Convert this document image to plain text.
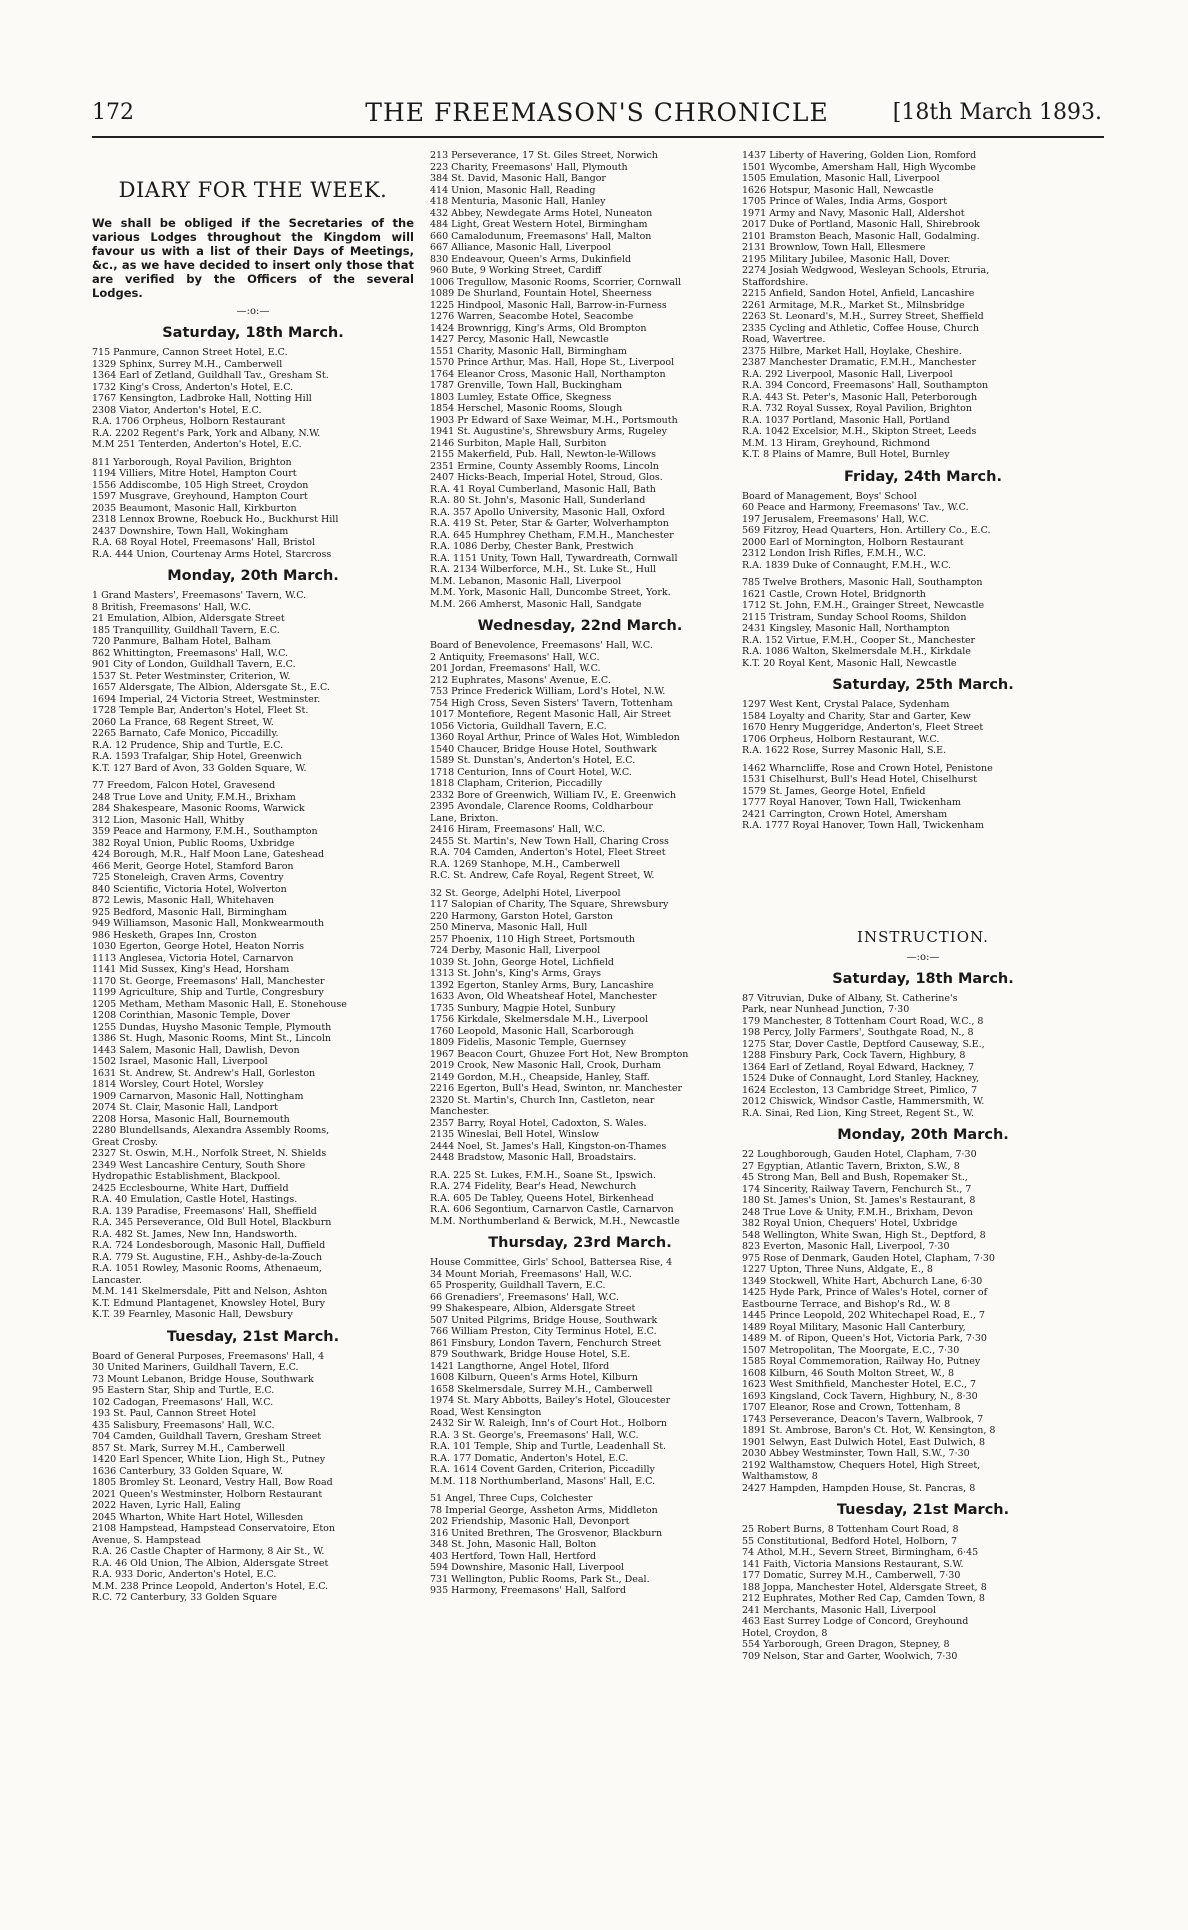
172	THE FREEMASON'S CHRONICLE	[18th March 1893.
DIARY FOR THE WEEK.
We shall be obliged if the Secretaries of the various Lodges throughout the Kingdom will favour us with a list of their Days of Meetings, &c., as we have decided to insert only those that are verified by the Officers of the several Lodges.
—:o:—
Saturday, 18th March.
715 Panmure, Cannon Street Hotel, E.C.
1329 Sphinx, Surrey M.H., Camberwell
1364 Earl of Zetland, Guildhall Tav., Gresham St.
1732 King's Cross, Anderton's Hotel, E.C.
1767 Kensington, Ladbroke Hall, Notting Hill
2308 Viator, Anderton's Hotel, E.C.
R.A. 1706 Orpheus, Holborn Restaurant
R.A. 2202 Regent's Park, York and Albany, N.W.
M.M 251 Tenterden, Anderton's Hotel, E.C.
811 Yarborough, Royal Pavilion, Brighton
1194 Villiers, Mitre Hotel, Hampton Court
1556 Addiscombe, 105 High Street, Croydon
1597 Musgrave, Greyhound, Hampton Court
2035 Beaumont, Masonic Hall, Kirkburton
2318 Lennox Browne, Roebuck Ho., Buckhurst Hill
2437 Downshire, Town Hall, Wokingham
R.A. 68 Royal Hotel, Freemasons' Hall, Bristol
R.A. 444 Union, Courtenay Arms Hotel, Starcross
Monday, 20th March.
1 Grand Masters', Freemasons' Tavern, W.C.
8 British, Freemasons' Hall, W.C.
21 Emulation, Albion, Aldersgate Street
185 Tranquillity, Guildhall Tavern, E.C.
720 Panmure, Balham Hotel, Balham
862 Whittington, Freemasons' Hall, W.C.
901 City of London, Guildhall Tavern, E.C.
1537 St. Peter Westminster, Criterion, W.
1657 Aldersgate, The Albion, Aldersgate St., E.C.
1694 Imperial, 24 Victoria Street, Westminster.
1728 Temple Bar, Anderton's Hotel, Fleet St.
2060 La France, 68 Regent Street, W.
2265 Barnato, Cafe Monico, Piccadilly.
R.A. 12 Prudence, Ship and Turtle, E.C.
R.A. 1593 Trafalgar, Ship Hotel, Greenwich
K.T. 127 Bard of Avon, 33 Golden Square, W.
77 Freedom, Falcon Hotel, Gravesend
248 True Love and Unity, F.M.H., Brixham
284 Shakespeare, Masonic Rooms, Warwick
312 Lion, Masonic Hall, Whitby
359 Peace and Harmony, F.M.H., Southampton
382 Royal Union, Public Rooms, Uxbridge
424 Borough, M.R., Half Moon Lane, Gateshead
466 Merit, George Hotel, Stamford Baron
725 Stoneleigh, Craven Arms, Coventry
840 Scientific, Victoria Hotel, Wolverton
872 Lewis, Masonic Hall, Whitehaven
925 Bedford, Masonic Hall, Birmingham
949 Williamson, Masonic Hall, Monkwearmouth
986 Hesketh, Grapes Inn, Croston
1030 Egerton, George Hotel, Heaton Norris
1113 Anglesea, Victoria Hotel, Carnarvon
1141 Mid Sussex, King's Head, Horsham
1170 St. George, Freemasons' Hall, Manchester
1199 Agriculture, Ship and Turtle, Congresbury
1205 Metham, Metham Masonic Hall, E. Stonehouse
1208 Corinthian, Masonic Temple, Dover
1255 Dundas, Huysho Masonic Temple, Plymouth
1386 St. Hugh, Masonic Rooms, Mint St., Lincoln
1443 Salem, Masonic Hall, Dawlish, Devon
1502 Israel, Masonic Hall, Liverpool
1631 St. Andrew, St. Andrew's Hall, Gorleston
1814 Worsley, Court Hotel, Worsley
1909 Carnarvon, Masonic Hall, Nottingham
2074 St. Clair, Masonic Hall, Landport
2208 Horsa, Masonic Hall, Bournemouth
2280 Blundellsands, Alexandra Assembly Rooms,
Great Crosby.
2327 St. Oswin, M.H., Norfolk Street, N. Shields
2349 West Lancashire Century, South Shore
Hydropathic Establishment, Blackpool.
2425 Ecclesbourne, White Hart, Duffield
R.A. 40 Emulation, Castle Hotel, Hastings.
R.A. 139 Paradise, Freemasons' Hall, Sheffield
R.A. 345 Perseverance, Old Bull Hotel, Blackburn
R.A. 482 St. James, New Inn, Handsworth.
R.A. 724 Londesborough, Masonic Hall, Duffield
R.A. 779 St. Augustine, F.H., Ashby-de-la-Zouch
R.A. 1051 Rowley, Masonic Rooms, Athenaeum,
Lancaster.
M.M. 141 Skelmersdale, Pitt and Nelson, Ashton
K.T. Edmund Plantagenet, Knowsley Hotel, Bury
K.T. 39 Fearnley, Masonic Hall, Dewsbury
Tuesday, 21st March.
Board of General Purposes, Freemasons' Hall, 4
30 United Mariners, Guildhall Tavern, E.C.
73 Mount Lebanon, Bridge House, Southwark
95 Eastern Star, Ship and Turtle, E.C.
102 Cadogan, Freemasons' Hall, W.C.
193 St. Paul, Cannon Street Hotel
435 Salisbury, Freemasons' Hall, W.C.
704 Camden, Guildhall Tavern, Gresham Street
857 St. Mark, Surrey M.H., Camberwell
1420 Earl Spencer, White Lion, High St., Putney
1636 Canterbury, 33 Golden Square, W.
1805 Bromley St. Leonard, Vestry Hall, Bow Road
2021 Queen's Westminster, Holborn Restaurant
2022 Haven, Lyric Hall, Ealing
2045 Wharton, White Hart Hotel, Willesden
2108 Hampstead, Hampstead Conservatoire, Eton
Avenue, S. Hampstead
R.A. 26 Castle Chapter of Harmony, 8 Air St., W.
R.A. 46 Old Union, The Albion, Aldersgate Street
R.A. 933 Doric, Anderton's Hotel, E.C.
M.M. 238 Prince Leopold, Anderton's Hotel, E.C.
R.C. 72 Canterbury, 33 Golden Square
213 Perseverance, 17 St. Giles Street, Norwich
223 Charity, Freemasons' Hall, Plymouth
384 St. David, Masonic Hall, Bangor
414 Union, Masonic Hall, Reading
418 Menturia, Masonic Hall, Hanley
432 Abbey, Newdegate Arms Hotel, Nuneaton
484 Light, Great Western Hotel, Birmingham
660 Camalodunum, Freemasons' Hall, Malton
667 Alliance, Masonic Hall, Liverpool
830 Endeavour, Queen's Arms, Dukinfield
960 Bute, 9 Working Street, Cardiff
1006 Tregullow, Masonic Rooms, Scorrier, Cornwall
1089 De Shurland, Fountain Hotel, Sheerness
1225 Hindpool, Masonic Hall, Barrow-in-Furness
1276 Warren, Seacombe Hotel, Seacombe
1424 Brownrigg, King's Arms, Old Brompton
1427 Percy, Masonic Hall, Newcastle
1551 Charity, Masonic Hall, Birmingham
1570 Prince Arthur, Mas. Hall, Hope St., Liverpool
1764 Eleanor Cross, Masonic Hall, Northampton
1787 Grenville, Town Hall, Buckingham
1803 Lumley, Estate Office, Skegness
1854 Herschel, Masonic Rooms, Slough
1903 Pr Edward of Saxe Weimar, M.H., Portsmouth
1941 St. Augustine's, Shrewsbury Arms, Rugeley
2146 Surbiton, Maple Hall, Surbiton
2155 Makerfield, Pub. Hall, Newton-le-Willows
2351 Ermine, County Assembly Rooms, Lincoln
2407 Hicks-Beach, Imperial Hotel, Stroud, Glos.
R.A. 41 Royal Cumberland, Masonic Hall, Bath
R.A. 80 St. John's, Masonic Hall, Sunderland
R.A. 357 Apollo University, Masonic Hall, Oxford
R.A. 419 St. Peter, Star & Garter, Wolverhampton
R.A. 645 Humphrey Chetham, F.M.H., Manchester
R.A. 1086 Derby, Chester Bank, Prestwich
R.A. 1151 Unity, Town Hall, Tywardreath, Cornwall
R.A. 2134 Wilberforce, M.H., St. Luke St., Hull
M.M. Lebanon, Masonic Hall, Liverpool
M.M. York, Masonic Hall, Duncombe Street, York.
M.M. 266 Amherst, Masonic Hall, Sandgate
Wednesday, 22nd March.
Board of Benevolence, Freemasons' Hall, W.C.
2 Antiquity, Freemasons' Hall, W.C.
201 Jordan, Freemasons' Hall, W.C.
212 Euphrates, Masons' Avenue, E.C.
753 Prince Frederick William, Lord's Hotel, N.W.
754 High Cross, Seven Sisters' Tavern, Tottenham
1017 Montefiore, Regent Masonic Hall, Air Street
1056 Victoria, Guildhall Tavern, E.C.
1360 Royal Arthur, Prince of Wales Hot, Wimbledon
1540 Chaucer, Bridge House Hotel, Southwark
1589 St. Dunstan's, Anderton's Hotel, E.C.
1718 Centurion, Inns of Court Hotel, W.C.
1818 Clapham, Criterion, Piccadilly
2332 Bore of Greenwich, William IV., E. Greenwich
2395 Avondale, Clarence Rooms, Coldharbour
Lane, Brixton.
2416 Hiram, Freemasons' Hall, W.C.
2455 St. Martin's, New Town Hall, Charing Cross
R.A. 704 Camden, Anderton's Hotel, Fleet Street
R.A. 1269 Stanhope, M.H., Camberwell
R.C. St. Andrew, Cafe Royal, Regent Street, W.
32 St. George, Adelphi Hotel, Liverpool
117 Salopian of Charity, The Square, Shrewsbury
220 Harmony, Garston Hotel, Garston
250 Minerva, Masonic Hall, Hull
257 Phoenix, 110 High Street, Portsmouth
724 Derby, Masonic Hall, Liverpool
1039 St. John, George Hotel, Lichfield
1313 St. John's, King's Arms, Grays
1392 Egerton, Stanley Arms, Bury, Lancashire
1633 Avon, Old Wheatsheaf Hotel, Manchester
1735 Sunbury, Magpie Hotel, Sunbury
1756 Kirkdale, Skelmersdale M.H., Liverpool
1760 Leopold, Masonic Hall, Scarborough
1809 Fidelis, Masonic Temple, Guernsey
1967 Beacon Court, Ghuzee Fort Hot, New Brompton
2019 Crook, New Masonic Hall, Crook, Durham
2149 Gordon, M.H., Cheapside, Hanley, Staff.
2216 Egerton, Bull's Head, Swinton, nr. Manchester
2320 St. Martin's, Church Inn, Castleton, near
Manchester.
2357 Barry, Royal Hotel, Cadoxton, S. Wales.
2135 Wineslai, Bell Hotel, Winslow
2444 Noel, St. James's Hall, Kingston-on-Thames
2448 Bradstow, Masonic Hall, Broadstairs.
R.A. 225 St. Lukes, F.M.H., Soane St., Ipswich.
R.A. 274 Fidelity, Bear's Head, Newchurch
R.A. 605 De Tabley, Queens Hotel, Birkenhead
R.A. 606 Segontium, Carnarvon Castle, Carnarvon
M.M. Northumberland & Berwick, M.H., Newcastle
Thursday, 23rd March.
House Committee, Girls' School, Battersea Rise, 4
34 Mount Moriah, Freemasons' Hall, W.C.
65 Prosperity, Guildhall Tavern, E.C.
66 Grenadiers', Freemasons' Hall, W.C.
99 Shakespeare, Albion, Aldersgate Street
507 United Pilgrims, Bridge House, Southwark
766 William Preston, City Terminus Hotel, E.C.
861 Finsbury, London Tavern, Fenchurch Street
879 Southwark, Bridge House Hotel, S.E.
1421 Langthorne, Angel Hotel, Ilford
1608 Kilburn, Queen's Arms Hotel, Kilburn
1658 Skelmersdale, Surrey M.H., Camberwell
1974 St. Mary Abbotts, Bailey's Hotel, Gloucester
Road, West Kensington
2432 Sir W. Raleigh, Inn's of Court Hot., Holborn
R.A. 3 St. George's, Freemasons' Hall, W.C.
R.A. 101 Temple, Ship and Turtle, Leadenhall St.
R.A. 177 Domatic, Anderton's Hotel, E.C.
R.A. 1614 Covent Garden, Criterion, Piccadilly
M.M. 118 Northumberland, Masons' Hall, E.C.
51 Angel, Three Cups, Colchester
78 Imperial George, Assheton Arms, Middleton
202 Friendship, Masonic Hall, Devonport
316 United Brethren, The Grosvenor, Blackburn
348 St. John, Masonic Hall, Bolton
403 Hertford, Town Hall, Hertford
594 Downshire, Masonic Hall, Liverpool
731 Wellington, Public Rooms, Park St., Deal.
935 Harmony, Freemasons' Hall, Salford
1437 Liberty of Havering, Golden Lion, Romford
1501 Wycombe, Amersham Hall, High Wycombe
1505 Emulation, Masonic Hall, Liverpool
1626 Hotspur, Masonic Hall, Newcastle
1705 Prince of Wales, India Arms, Gosport
1971 Army and Navy, Masonic Hall, Aldershot
2017 Duke of Portland, Masonic Hall, Shirebrook
2101 Bramston Beach, Masonic Hall, Godalming.
2131 Brownlow, Town Hall, Ellesmere
2195 Military Jubilee, Masonic Hall, Dover.
2274 Josiah Wedgwood, Wesleyan Schools, Etruria,
Staffordshire.
2215 Anfield, Sandon Hotel, Anfield, Lancashire
2261 Armitage, M.R., Market St., Milnsbridge
2263 St. Leonard's, M.H., Surrey Street, Sheffield
2335 Cycling and Athletic, Coffee House, Church
Road, Wavertree.
2375 Hilbre, Market Hall, Hoylake, Cheshire.
2387 Manchester Dramatic, F.M.H., Manchester
R.A. 292 Liverpool, Masonic Hall, Liverpool
R.A. 394 Concord, Freemasons' Hall, Southampton
R.A. 443 St. Peter's, Masonic Hall, Peterborough
R.A. 732 Royal Sussex, Royal Pavilion, Brighton
R.A. 1037 Portland, Masonic Hall, Portland
R.A. 1042 Excelsior, M.H., Skipton Street, Leeds
M.M. 13 Hiram, Greyhound, Richmond
K.T. 8 Plains of Mamre, Bull Hotel, Burnley
Friday, 24th March.
Board of Management, Boys' School
60 Peace and Harmony, Freemasons' Tav., W.C.
197 Jerusalem, Freemasons' Hall, W.C.
569 Fitzroy, Head Quarters, Hon. Artillery Co., E.C.
2000 Earl of Mornington, Holborn Restaurant
2312 London Irish Rifles, F.M.H., W.C.
R.A. 1839 Duke of Connaught, F.M.H., W.C.
785 Twelve Brothers, Masonic Hall, Southampton
1621 Castle, Crown Hotel, Bridgnorth
1712 St. John, F.M.H., Grainger Street, Newcastle
2115 Tristram, Sunday School Rooms, Shildon
2431 Kingsley, Masonic Hall, Northampton
R.A. 152 Virtue, F.M.H., Cooper St., Manchester
R.A. 1086 Walton, Skelmersdale M.H., Kirkdale
K.T. 20 Royal Kent, Masonic Hall, Newcastle
Saturday, 25th March.
1297 West Kent, Crystal Palace, Sydenham
1584 Loyalty and Charity, Star and Garter, Kew
1670 Henry Muggeridge, Anderton's, Fleet Street
1706 Orpheus, Holborn Restaurant, W.C.
R.A. 1622 Rose, Surrey Masonic Hall, S.E.
1462 Wharncliffe, Rose and Crown Hotel, Penistone
1531 Chiselhurst, Bull's Head Hotel, Chiselhurst
1579 St. James, George Hotel, Enfield
1777 Royal Hanover, Town Hall, Twickenham
2421 Carrington, Crown Hotel, Amersham
R.A. 1777 Royal Hanover, Town Hall, Twickenham
INSTRUCTION.
—:o:—
Saturday, 18th March.
87 Vitruvian, Duke of Albany, St. Catherine's
Park, near Nunhead Junction, 7·30
179 Manchester, 8 Tottenham Court Road, W.C., 8
198 Percy, Jolly Farmers', Southgate Road, N., 8
1275 Star, Dover Castle, Deptford Causeway, S.E.,
1288 Finsbury Park, Cock Tavern, Highbury, 8
1364 Earl of Zetland, Royal Edward, Hackney, 7
1524 Duke of Connaught, Lord Stanley, Hackney,
1624 Eccleston, 13 Cambridge Street, Pimlico, 7
2012 Chiswick, Windsor Castle, Hammersmith, W.
R.A. Sinai, Red Lion, King Street, Regent St., W.
Monday, 20th March.
22 Loughborough, Gauden Hotel, Clapham, 7·30
27 Egyptian, Atlantic Tavern, Brixton, S.W., 8
45 Strong Man, Bell and Bush, Ropemaker St.,
174 Sincerity, Railway Tavern, Fenchurch St., 7
180 St. James's Union, St. James's Restaurant, 8
248 True Love & Unity, F.M.H., Brixham, Devon
382 Royal Union, Chequers' Hotel, Uxbridge
548 Wellington, White Swan, High St., Deptford, 8
823 Everton, Masonic Hall, Liverpool, 7·30
975 Rose of Denmark, Gauden Hotel, Clapham, 7·30
1227 Upton, Three Nuns, Aldgate, E., 8
1349 Stockwell, White Hart, Abchurch Lane, 6·30
1425 Hyde Park, Prince of Wales's Hotel, corner of
Eastbourne Terrace, and Bishop's Rd., W. 8
1445 Prince Leopold, 202 Whitechapel Road, E., 7
1489 Royal Military, Masonic Hall Canterbury,
1489 M. of Ripon, Queen's Hot, Victoria Park, 7·30
1507 Metropolitan, The Moorgate, E.C., 7·30
1585 Royal Commemoration, Railway Ho, Putney
1608 Kilburn, 46 South Molton Street, W., 8
1623 West Smithfield, Manchester Hotel, E.C., 7
1693 Kingsland, Cock Tavern, Highbury, N., 8·30
1707 Eleanor, Rose and Crown, Tottenham, 8
1743 Perseverance, Deacon's Tavern, Walbrook, 7
1891 St. Ambrose, Baron's Ct. Hot, W. Kensington, 8
1901 Selwyn, East Dulwich Hotel, East Dulwich, 8
2030 Abbey Westminster, Town Hall, S.W., 7·30
2192 Walthamstow, Chequers Hotel, High Street,
Walthamstow, 8
2427 Hampden, Hampden House, St. Pancras, 8
Tuesday, 21st March.
25 Robert Burns, 8 Tottenham Court Road, 8
55 Constitutional, Bedford Hotel, Holborn, 7
74 Athol, M.H., Severn Street, Birmingham, 6·45
141 Faith, Victoria Mansions Restaurant, S.W.
177 Domatic, Surrey M.H., Camberwell, 7·30
188 Joppa, Manchester Hotel, Aldersgate Street, 8
212 Euphrates, Mother Red Cap, Camden Town, 8
241 Merchants, Masonic Hall, Liverpool
463 East Surrey Lodge of Concord, Greyhound
Hotel, Croydon, 8
554 Yarborough, Green Dragon, Stepney, 8
709 Nelson, Star and Garter, Woolwich, 7·30
